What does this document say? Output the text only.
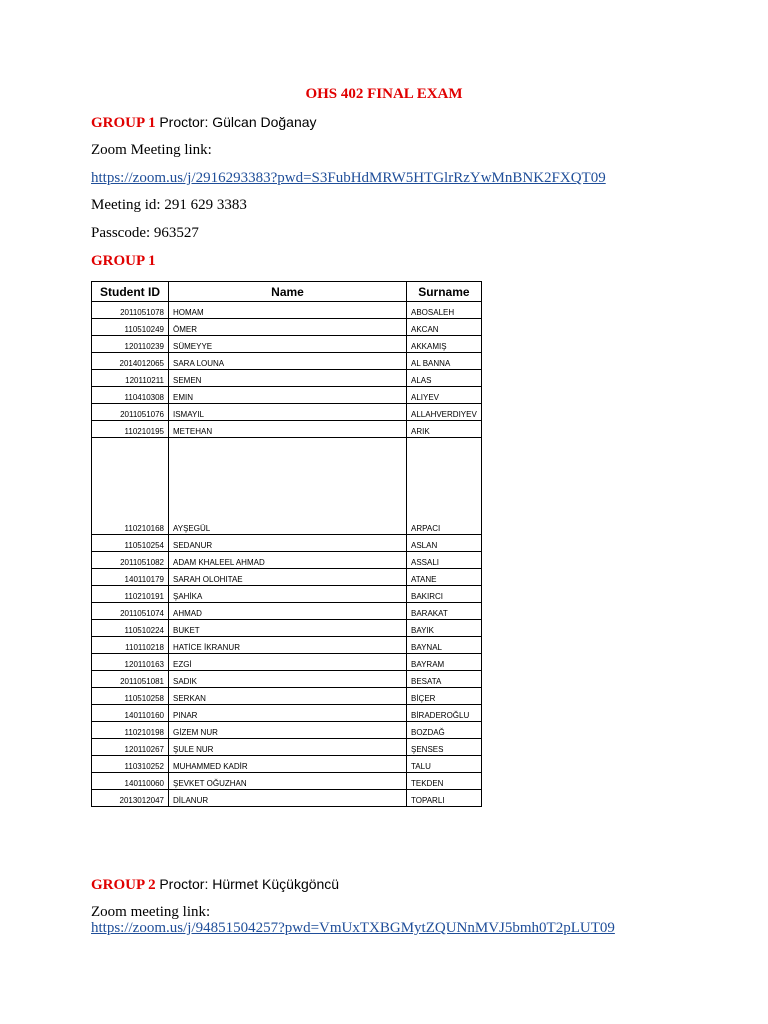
OHS 402 FINAL EXAM
GROUP 1 Proctor: Gülcan Doğanay
Zoom Meeting link:
https://zoom.us/j/2916293383?pwd=S3FubHdMRW5HTGlrRzYwMnBNK2FXQT09
Meeting id: 291 629 3383
Passcode: 963527
GROUP 1
Student ID	Name	Surname
2011051078	HOMAM	ABOSALEH
110510249	ÖMER	AKCAN
120110239	SÜMEYYE	AKKAMIŞ
2014012065	SARA LOUNA	AL BANNA
120110211	SEMEN	ALAS
110410308	EMIN	ALIYEV
2011051076	ISMAYIL	ALLAHVERDIYEV
110210195	METEHAN	ARIK
110210168	AYŞEGÜL	ARPACI
110510254	SEDANUR	ASLAN
2011051082	ADAM KHALEEL AHMAD	ASSALI
140110179	SARAH OLOHITAE	ATANE
110210191	ŞAHİKA	BAKIRCI
2011051074	AHMAD	BARAKAT
110510224	BUKET	BAYIK
110110218	HATİCE İKRANUR	BAYNAL
120110163	EZGİ	BAYRAM
2011051081	SADIK	BESATA
110510258	SERKAN	BİÇER
140110160	PINAR	BİRADEROĞLU
110210198	GİZEM NUR	BOZDAĞ
120110267	ŞULE NUR	ŞENSES
110310252	MUHAMMED KADİR	TALU
140110060	ŞEVKET OĞUZHAN	TEKDEN
2013012047	DİLANUR	TOPARLI
GROUP 2 Proctor: Hürmet Küçükgöncü
Zoom meeting link:
https://zoom.us/j/94851504257?pwd=VmUxTXBGMytZQUNnMVJ5bmh0T2pLUT09
